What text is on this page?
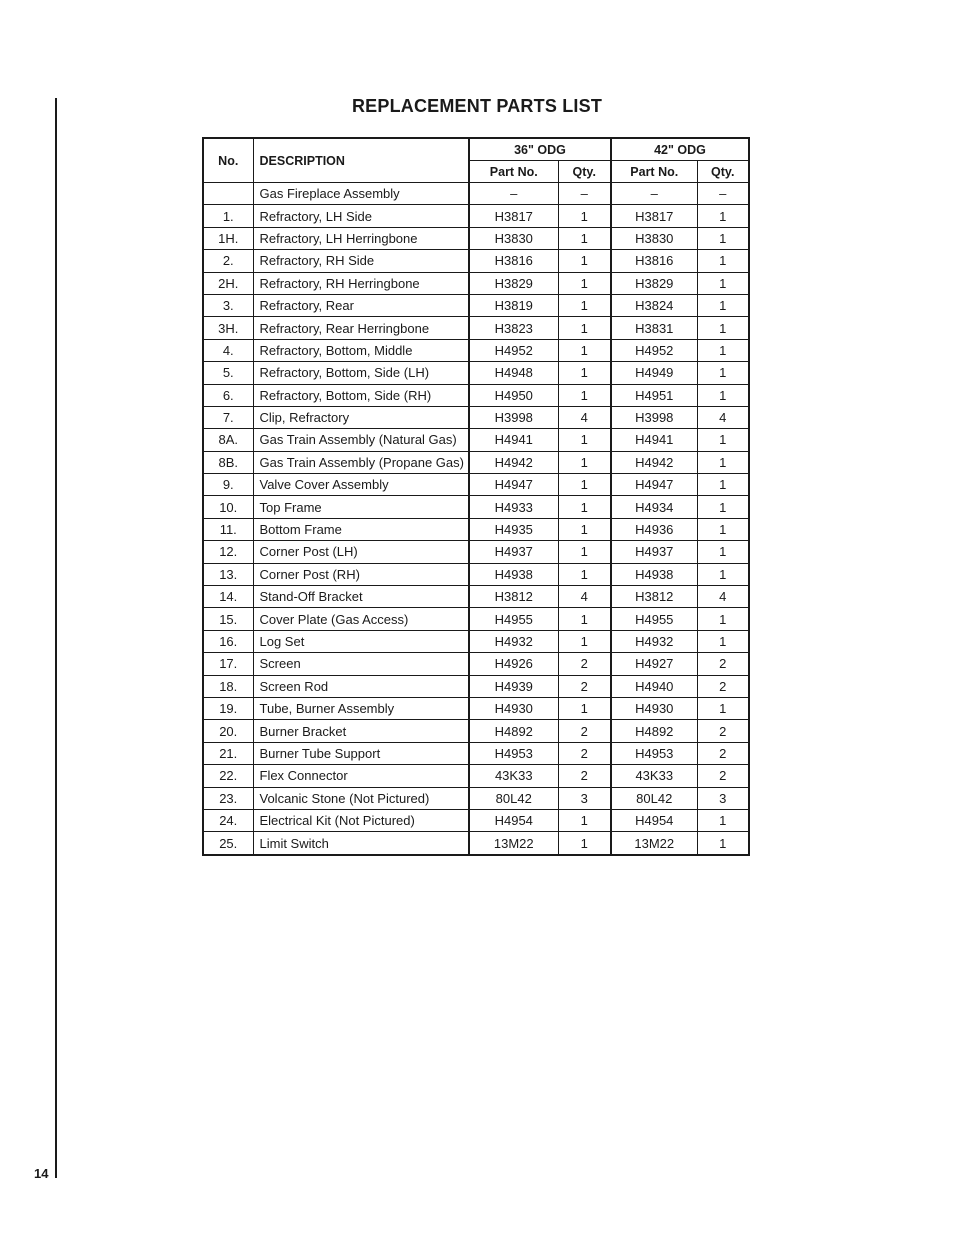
REPLACEMENT PARTS LIST
No.	DESCRIPTION	36" ODG		42" ODG	
		Part No.	Qty.	Part No.	Qty.
	Gas Fireplace Assembly	–	–	–	–
1.	Refractory, LH Side	H3817	1	H3817	1
1H.	Refractory, LH Herringbone	H3830	1	H3830	1
2.	Refractory, RH Side	H3816	1	H3816	1
2H.	Refractory, RH Herringbone	H3829	1	H3829	1
3.	Refractory, Rear	H3819	1	H3824	1
3H.	Refractory, Rear Herringbone	H3823	1	H3831	1
4.	Refractory, Bottom, Middle	H4952	1	H4952	1
5.	Refractory, Bottom, Side (LH)	H4948	1	H4949	1
6.	Refractory, Bottom, Side (RH)	H4950	1	H4951	1
7.	Clip, Refractory	H3998	4	H3998	4
8A.	Gas Train Assembly (Natural Gas)	H4941	1	H4941	1
8B.	Gas Train Assembly (Propane Gas)	H4942	1	H4942	1
9.	Valve Cover Assembly	H4947	1	H4947	1
10.	Top Frame	H4933	1	H4934	1
11.	Bottom Frame	H4935	1	H4936	1
12.	Corner Post (LH)	H4937	1	H4937	1
13.	Corner Post (RH)	H4938	1	H4938	1
14.	Stand-Off Bracket	H3812	4	H3812	4
15.	Cover Plate (Gas Access)	H4955	1	H4955	1
16.	Log Set	H4932	1	H4932	1
17.	Screen	H4926	2	H4927	2
18.	Screen Rod	H4939	2	H4940	2
19.	Tube, Burner Assembly	H4930	1	H4930	1
20.	Burner Bracket	H4892	2	H4892	2
21.	Burner Tube Support	H4953	2	H4953	2
22.	Flex Connector	43K33	2	43K33	2
23.	Volcanic Stone (Not Pictured)	80L42	3	80L42	3
24.	Electrical Kit (Not Pictured)	H4954	1	H4954	1
25.	Limit Switch	13M22	1	13M22	1
14
